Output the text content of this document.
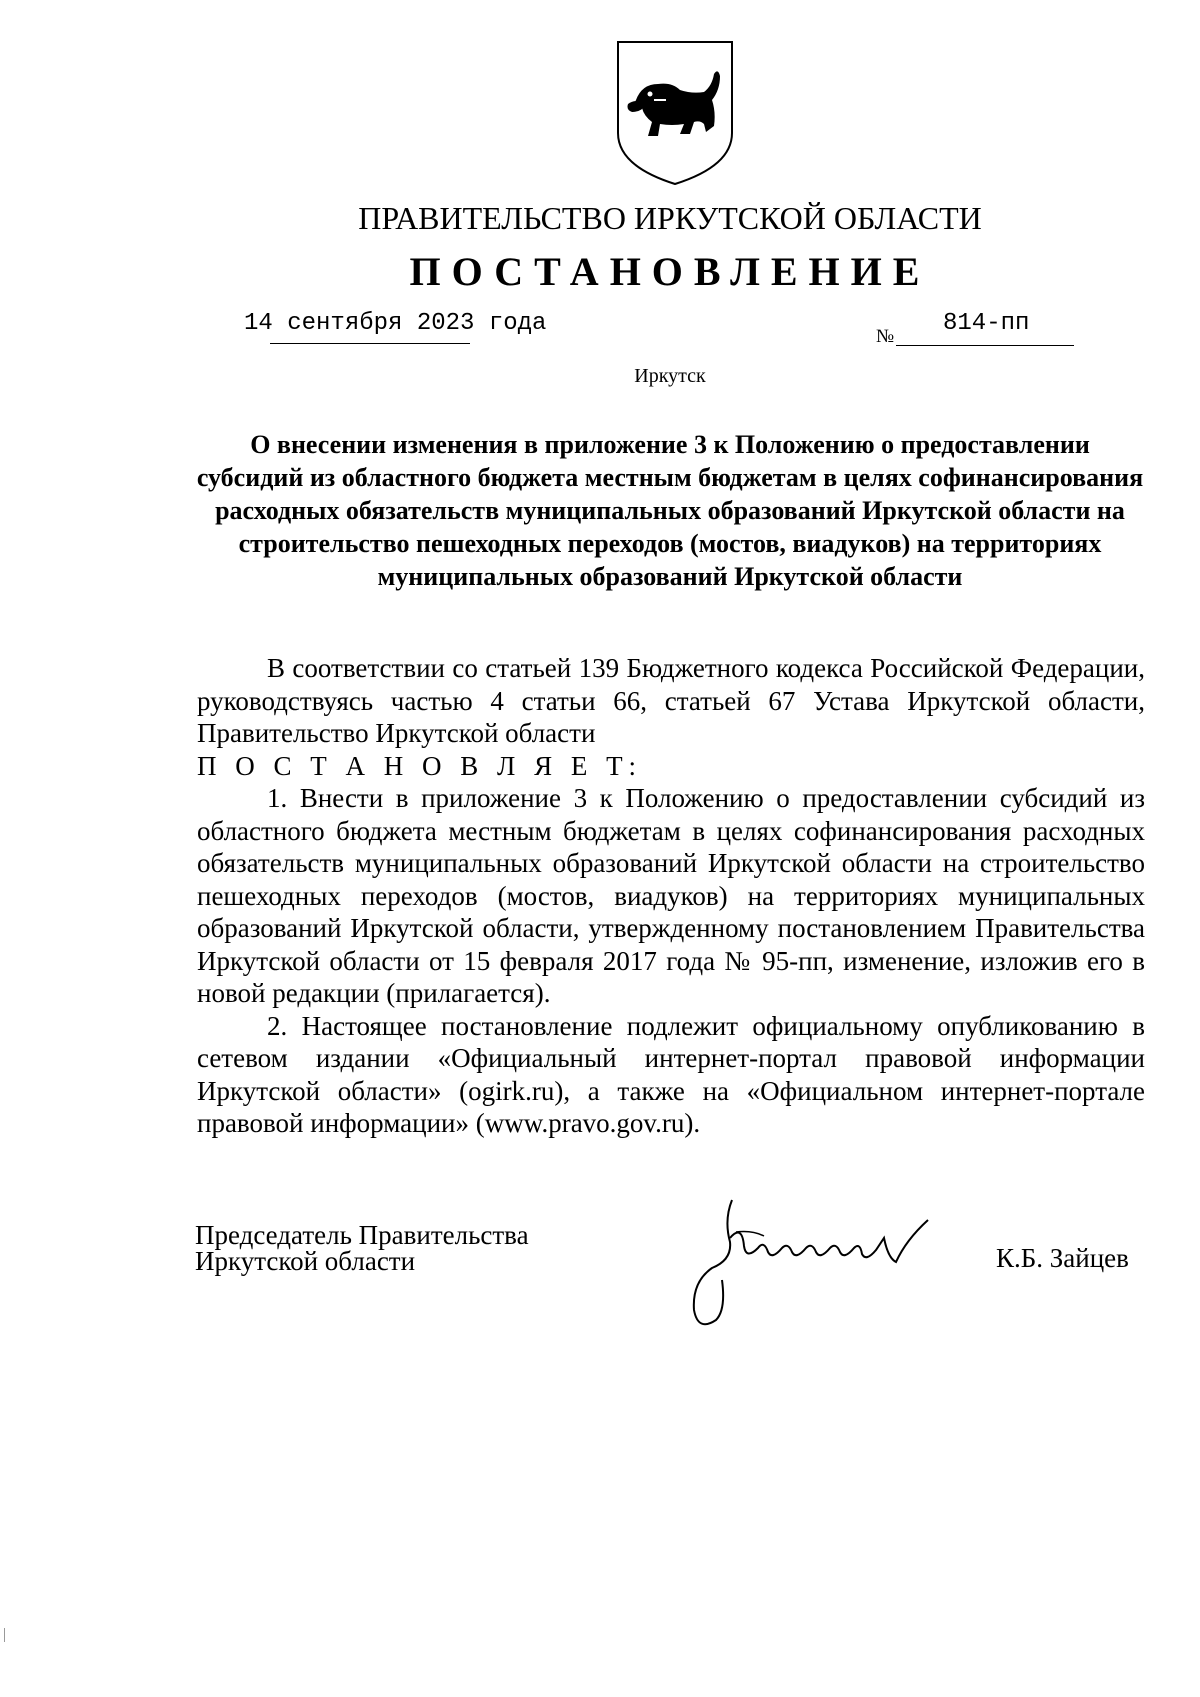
ПРАВИТЕЛЬСТВО ИРКУТСКОЙ ОБЛАСТИ
ПОСТАНОВЛЕНИЕ
14 сентября 2023 года	№ 814-пп
Иркутск
О внесении изменения в приложение 3 к Положению о предоставлении субсидий из областного бюджета местным бюджетам в целях софинансирования расходных обязательств муниципальных образований Иркутской области на строительство пешеходных переходов (мостов, виадуков) на территориях муниципальных образований Иркутской области

В соответствии со статьей 139 Бюджетного кодекса Российской Федерации, руководствуясь частью 4 статьи 66, статьей 67 Устава Иркутской области, Правительство Иркутской области

П О С Т А Н О В Л Я Е Т:

1. Внести в приложение 3 к Положению о предоставлении субсидий из областного бюджета местным бюджетам в целях софинансирования расходных обязательств муниципальных образований Иркутской области на строительство пешеходных переходов (мостов, виадуков) на территориях муниципальных образований Иркутской области, утвержденному постановлением Правительства Иркутской области от 15 февраля 2017 года № 95-пп, изменение, изложив его в новой редакции (прилагается).

2. Настоящее постановление подлежит официальному опубликованию в сетевом издании «Официальный интернет-портал правовой информации Иркутской области» (ogirk.ru), а также на «Официальном интернет-портале правовой информации» (www.pravo.gov.ru).

Председатель Правительства
Иркутской области	К.Б. Зайцев
